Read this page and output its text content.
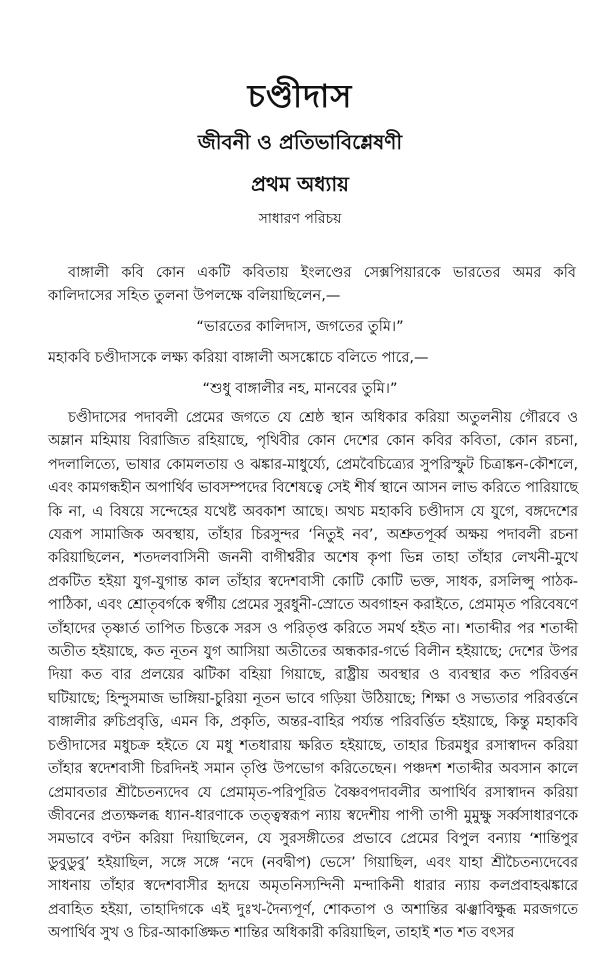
চণ্ডীদাস
জীবনী ও প্রতিভাবিশ্লেষণী
প্রথম অধ্যায়
সাধারণ পরিচয়

বাঙ্গালী কবি কোন একটি কবিতায় ইংলণ্ডের সেক্সপিয়ারকে ভারতের অমর কবি কালিদাসের সহিত তুলনা উপলক্ষে বলিয়াছিলেন,—

“ভারতের কালিদাস, জগতের তুমি।”
মহাকবি চণ্ডীদাসকে লক্ষ্য করিয়া বাঙ্গালী অসঙ্কোচে বলিতে পারে,—
“শুধু বাঙ্গালীর নহ, মানবের তুমি।”

চণ্ডীদাসের পদাবলী প্রেমের জগতে যে শ্রেষ্ঠ স্থান অধিকার করিয়া অতুলনীয় গৌরবে ও অম্লান মহিমায় বিরাজিত রহিয়াছে, পৃথিবীর কোন দেশের কোন কবির কবিতা, কোন রচনা, পদলালিত্যে, ভাষার কোমলতায় ও ঝঙ্কার-মাধুর্য্যে, প্রেমবৈচিত্র্যের সুপরিস্ফুট চিত্রাঙ্কন-কৌশলে, এবং কামগন্ধহীন অপার্থিব ভাবসম্পদের বিশেষত্বে সেই শীর্ষ স্থানে আসন লাভ করিতে পারিয়াছে কি না, এ বিষয়ে সন্দেহের যথেষ্ট অবকাশ আছে। অথচ মহাকবি চণ্ডীদাস যে যুগে, বঙ্গদেশের যেরূপ সামাজিক অবস্থায়, তাঁহার চিরসুন্দর ‘নিতুই নব’, অশ্রুতপূর্ব্ব অক্ষয় পদাবলী রচনা করিয়াছিলেন, শতদলবাসিনী জননী বাগীশ্বরীর অশেষ কৃপা ভিন্ন তাহা তাঁহার লেখনী-মুখে প্রকটিত হইয়া যুগ-যুগান্ত কাল তাঁহার স্বদেশবাসী কোটি কোটি ভক্ত, সাধক, রসলিপ্সু পাঠক-পাঠিকা, এবং শ্রোতৃবর্গকে স্বর্গীয় প্রেমের সুরধুনী-স্রোতে অবগাহন করাইতে, প্রেমামৃত পরিবেষণে তাঁহাদের তৃষ্ণার্ত তাপিত চিত্তকে সরস ও পরিতৃপ্ত করিতে সমর্থ হইত না। শতাব্দীর পর শতাব্দী অতীত হইয়াছে, কত নূতন যুগ আসিয়া অতীতের অন্ধকার-গর্ভে বিলীন হইয়াছে; দেশের উপর দিয়া কত বার প্রলয়ের ঝটিকা বহিয়া গিয়াছে, রাষ্ট্রীয় অবস্থার ও ব্যবস্থার কত পরিবর্ত্তন ঘটিয়াছে; হিন্দুসমাজ ভাঙ্গিয়া-চুরিয়া নূতন ভাবে গড়িয়া উঠিয়াছে; শিক্ষা ও সভ্যতার পরিবর্ত্তনে বাঙ্গালীর রুচিপ্রবৃত্তি, এমন কি, প্রকৃতি, অন্তর-বাহির পর্য্যন্ত পরিবর্ত্তিত হইয়াছে, কিন্তু মহাকবি চণ্ডীদাসের মধুচক্র হইতে যে মধু শতধারায় ক্ষরিত হইয়াছে, তাহার চিরমধুর রসাস্বাদন করিয়া তাঁহার স্বদেশবাসী চিরদিনই সমান তৃপ্তি উপভোগ করিতেছেন। পঞ্চদশ শতাব্দীর অবসান কালে প্রেমাবতার শ্রীচৈতন্যদেব যে প্রেমামৃত-পরিপূরিত বৈষ্ণবপদাবলীর অপার্থিব রসাস্বাদন করিয়া জীবনের প্রত্যক্ষলব্ধ ধ্যান-ধারণাকে তত্ত্বস্বরূপ ন্যায় স্বদেশীয় পাপী তাপী মুমুক্ষু সর্ব্বসাধারণকে সমভাবে বণ্টন করিয়া দিয়াছিলেন, যে সুরসঙ্গীতের প্রভাবে প্রেমের বিপুল বন্যায় ‘শান্তিপুর ডুবুডুবু’ হইয়াছিল, সঙ্গে সঙ্গে ‘নদে (নবদ্বীপ) ভেসে’ গিয়াছিল, এবং যাহা শ্রীচৈতন্যদেবের সাধনায় তাঁহার স্বদেশবাসীর হৃদয়ে অমৃতনিস্যন্দিনী মন্দাকিনী ধারার ন্যায় কলপ্রবাহঝঙ্কারে প্রবাহিত হইয়া, তাহাদিগকে এই দুঃখ-দৈন্যপূর্ণ, শোকতাপ ও অশান্তির ঝঞ্ঝাবিক্ষুব্ধ মরজগতে অপার্থিব সুখ ও চির-আকাঙ্ক্ষিত শান্তির অধিকারী করিয়াছিল, তাহাই শত শত বৎসর
